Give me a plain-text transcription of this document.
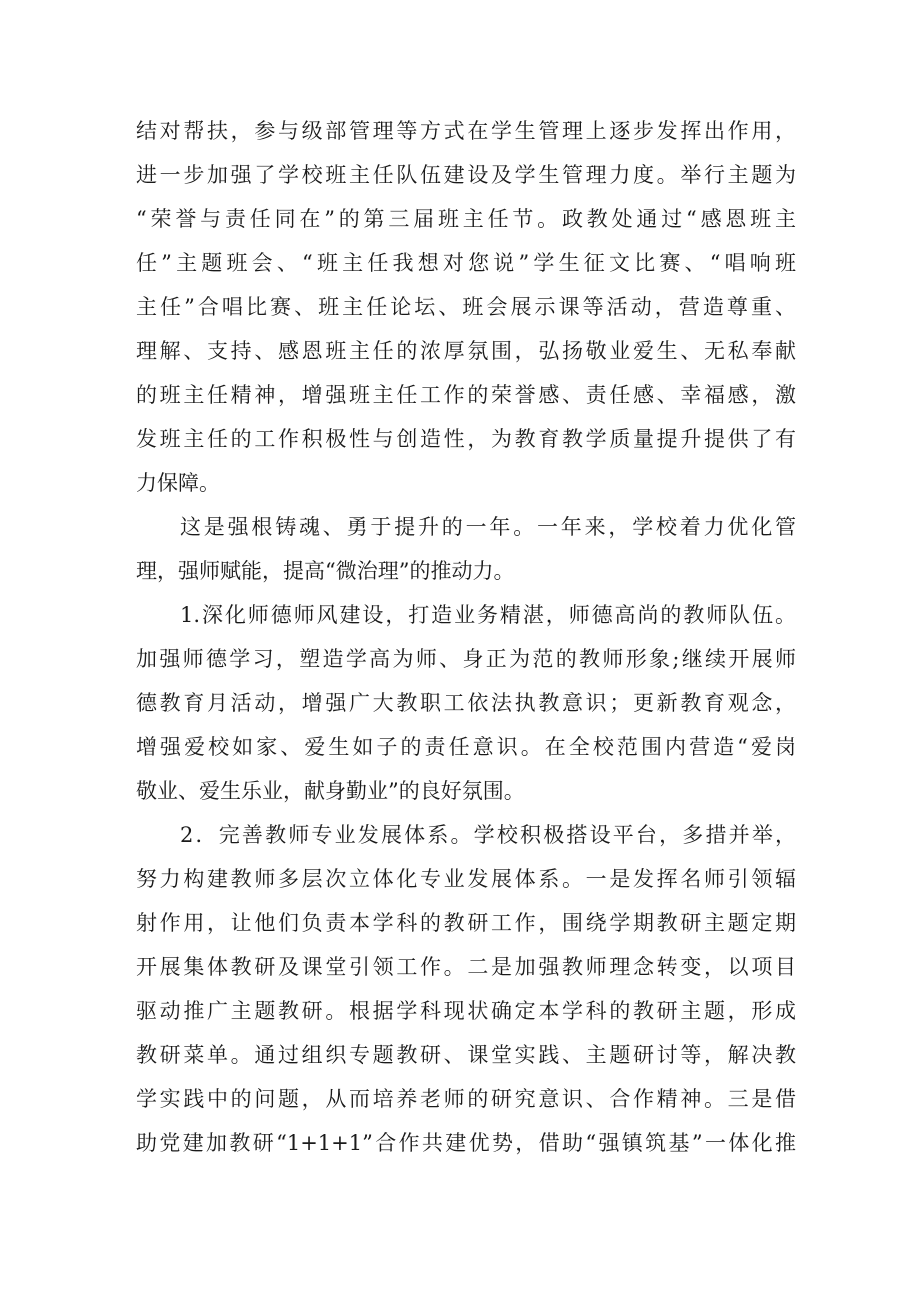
结对帮扶，参与级部管理等方式在学生管理上逐步发挥出作用，
进一步加强了学校班主任队伍建设及学生管理力度。举行主题为
“荣誉与责任同在”的第三届班主任节。政教处通过“感恩班主
任”主题班会、“班主任我想对您说”学生征文比赛、“唱响班
主任”合唱比赛、班主任论坛、班会展示课等活动，营造尊重、
理解、支持、感恩班主任的浓厚氛围，弘扬敬业爱生、无私奉献
的班主任精神，增强班主任工作的荣誉感、责任感、幸福感，激
发班主任的工作积极性与创造性，为教育教学质量提升提供了有
力保障。
这是强根铸魂、勇于提升的一年。一年来，学校着力优化管
理，强师赋能，提高“微治理”的推动力。
1.深化师德师风建设，打造业务精湛，师德高尚的教师队伍。
加强师德学习，塑造学高为师、身正为范的教师形象;继续开展师
德教育月活动，增强广大教职工依法执教意识；更新教育观念，
增强爱校如家、爱生如子的责任意识。在全校范围内营造“爱岗
敬业、爱生乐业，献身勤业”的良好氛围。
2．完善教师专业发展体系。学校积极搭设平台，多措并举，
努力构建教师多层次立体化专业发展体系。一是发挥名师引领辐
射作用，让他们负责本学科的教研工作，围绕学期教研主题定期
开展集体教研及课堂引领工作。二是加强教师理念转变，以项目
驱动推广主题教研。根据学科现状确定本学科的教研主题，形成
教研菜单。通过组织专题教研、课堂实践、主题研讨等，解决教
学实践中的问题，从而培养老师的研究意识、合作精神。三是借
助党建加教研“1+1+1”合作共建优势，借助“强镇筑基”一体化推
